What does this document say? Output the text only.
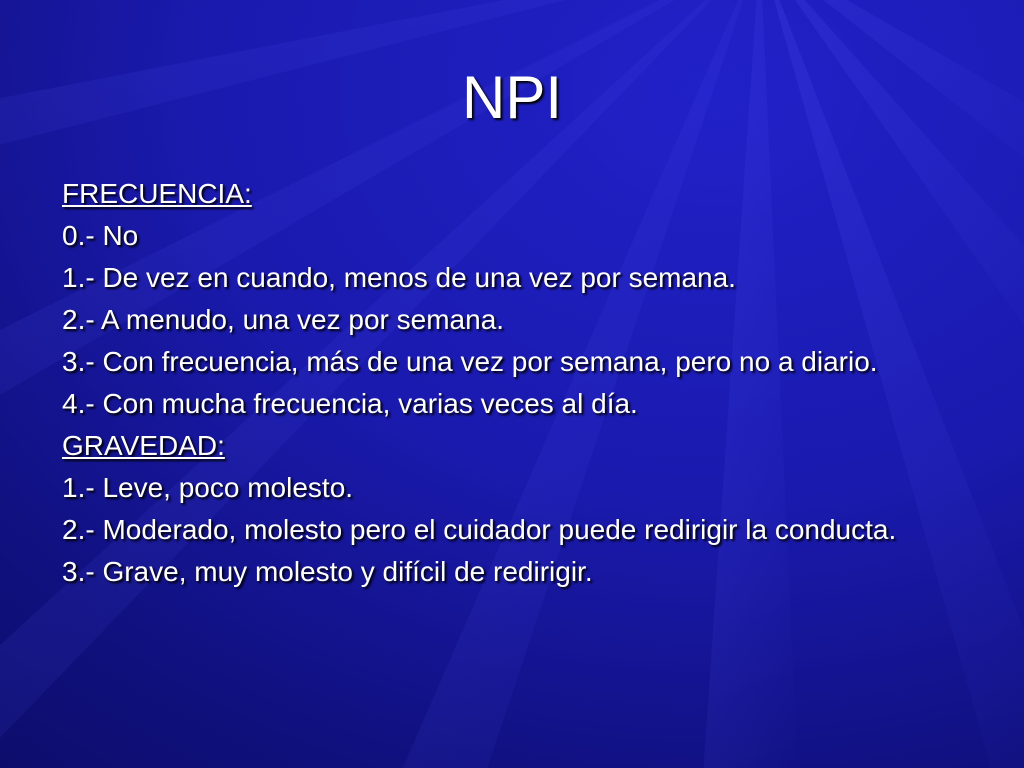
NPI
FRECUENCIA:
0.- No
1.- De vez en cuando, menos de una vez por semana.
2.- A menudo, una vez por semana.
3.- Con frecuencia, más de una vez por semana, pero no a diario.
4.- Con mucha frecuencia, varias veces al día.
GRAVEDAD:
1.- Leve, poco molesto.
2.- Moderado, molesto pero el cuidador puede redirigir la conducta.
3.- Grave, muy molesto y difícil de redirigir.
